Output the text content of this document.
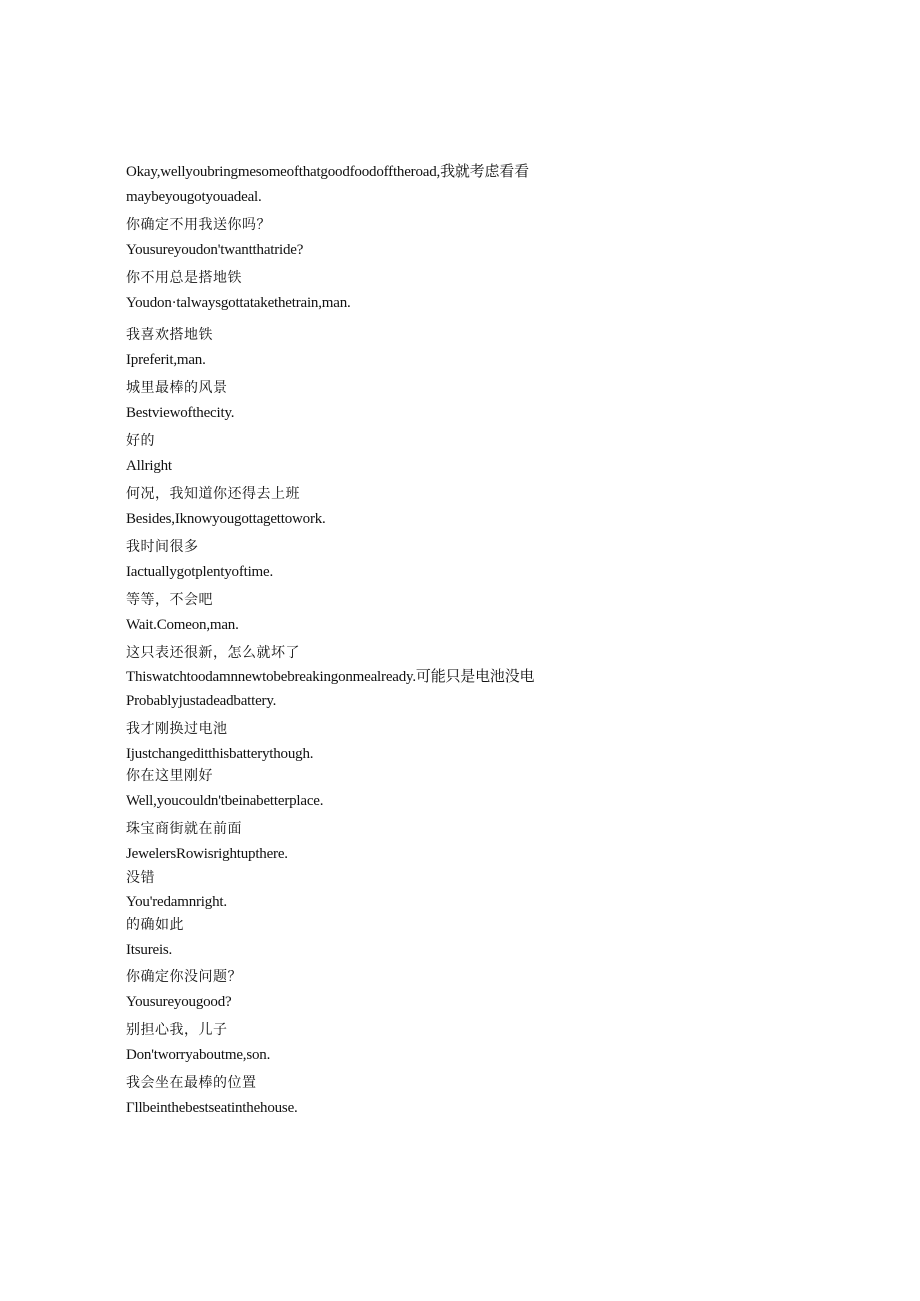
Okay,wellyoubringmesomeofthatgoodfoodofftheroad,我就考虑看看
maybeyougotyouadeal.
你确定不用我送你吗？
Yousureyoudon'twantthatride?
你不用总是搭地铁
Youdon·talwaysgottatakethetrain,man.
我喜欢搭地铁
Ipreferit,man.
城里最棒的风景
Bestviewofthecity.
好的
Allright
何况，我知道你还得去上班
Besides,Iknowyougottagettowork.
我时间很多
Iactuallygotplentyoftime.
等等，不会吧
Wait.Comeon,man.
这只表还很新，怎么就坏了
Thiswatchtoodamnnewtobebreakingonmealready.可能只是电池没电
Probablyjustadeadbattery.
我才刚换过电池
Ijustchangeditthisbatterythough.
你在这里刚好
Well,youcouldn'tbeinabetterplace.
珠宝商街就在前面
JewelersRowisrightupthere.
没错
You'redamnright.
的确如此
Itsureis.
你确定你没问题？
Yousureyougood?
别担心我，儿子
Don'tworryaboutme,son.
我会坐在最棒的位置
Γllbeinthebestseatinthehouse.
